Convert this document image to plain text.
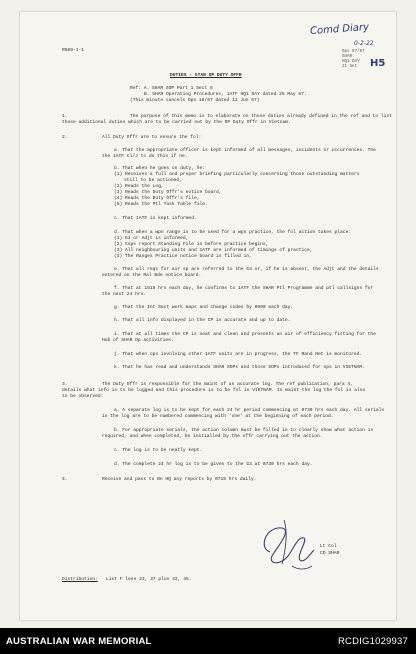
R569-1-1
Comd Diary
0-2-22
H5
Ops 97/67
SHAR
HQ1 DAY
21 Set
DUTIES - STAR OP DUTY OFFR
Ref: A. SHAR SOP Part 1 Sect 5
B. SHAR Operating Procedures, 1ATF HQ1 DAY dated 25 May 67.
(This minute cancels Ops 18/67 dated 11 Jun 67)
1.	The purpose of this memo is to elaborate on those duties already defined in the ref and to list
those additional duties which are to be carried out by the OP Duty Offr in Vietnam.
2.	All Duty Offr are to ensure the fol:
a. That the appropriate officer is kept informed of all messages, incidents or occurrences. The
the 1ATF Cl/J to do this if ne.
b. That when he goes on duty, he:
(1) Receives a full and proper briefing particularly concerning those outstanding matters
still to be actioned,
(2) Reads the Log,
(3) Reads the Duty Offr's notice board,
(4) Reads the Duty Offr's file,
(5) Reads the Ptl Task Table file.
c. That 1ATF is kept informed.
d. That when a wpn range is to be used for a wpn practice, the fol action takes place:
(1) G3 or Adjt is informed,
(2) Cops report Standing File in before practice begins,
(3) All neighbouring units and 1ATF are informed of timings of practice,
(4) The Ranges Practice notice board is filled in.
e. That all reqs for air sp are referred to the G3 or, if he is absent, the Adjt and the details
entered on the Ral Bde notice board.
f. That at 1515 hrs each day, he confirms to 1ATF the SHAR Ptl Programme and ptl callsigns for
the next 24 hrs.
g. That the Int Sect work maps and change codes by 0800 each day.
h. That all info displayed in the CP is accurate and up to date.
i. That at all times the CP is neat and clean and presents an air of efficiency fitting for the
Hub of SHAR Op activities.
j. That when ops involving other 1ATF units are in progress, the TF Rand Net is monitored.
k. That he has read and understands SHAR SOPs and those SOPs introduced for ops in VIETNAM.
3.	The Duty Offr is responsible for the maint of an accurate log. The ref publication, para 4,
details what info is to be logged and this procedure is to be fol in VIETNAM. In maint the log the fol is also
to be observed:
a. A separate log is to be kept for each 24 hr period commencing at 0730 hrs each day. All serials
in the log are to be numbered commencing with 'one' at the beginning of each period.
b. For appropriate serials, the action column must be filled in to clearly show what action is
required, and when completed, be initialled by the offr carrying out the action.
c. The log is to be neatly kept.
d. The complete 24 hr log is to be given to the G3 at 0730 hrs each day.
4.	Receive and pass to Bn HQ any reports by 0715 hrs daily.
Lt Col
CO SHAR
Distribution: List F less 23, 37 plus 42, 45.
AUSTRALIAN WAR MEMORIAL	RCDIG1029937
